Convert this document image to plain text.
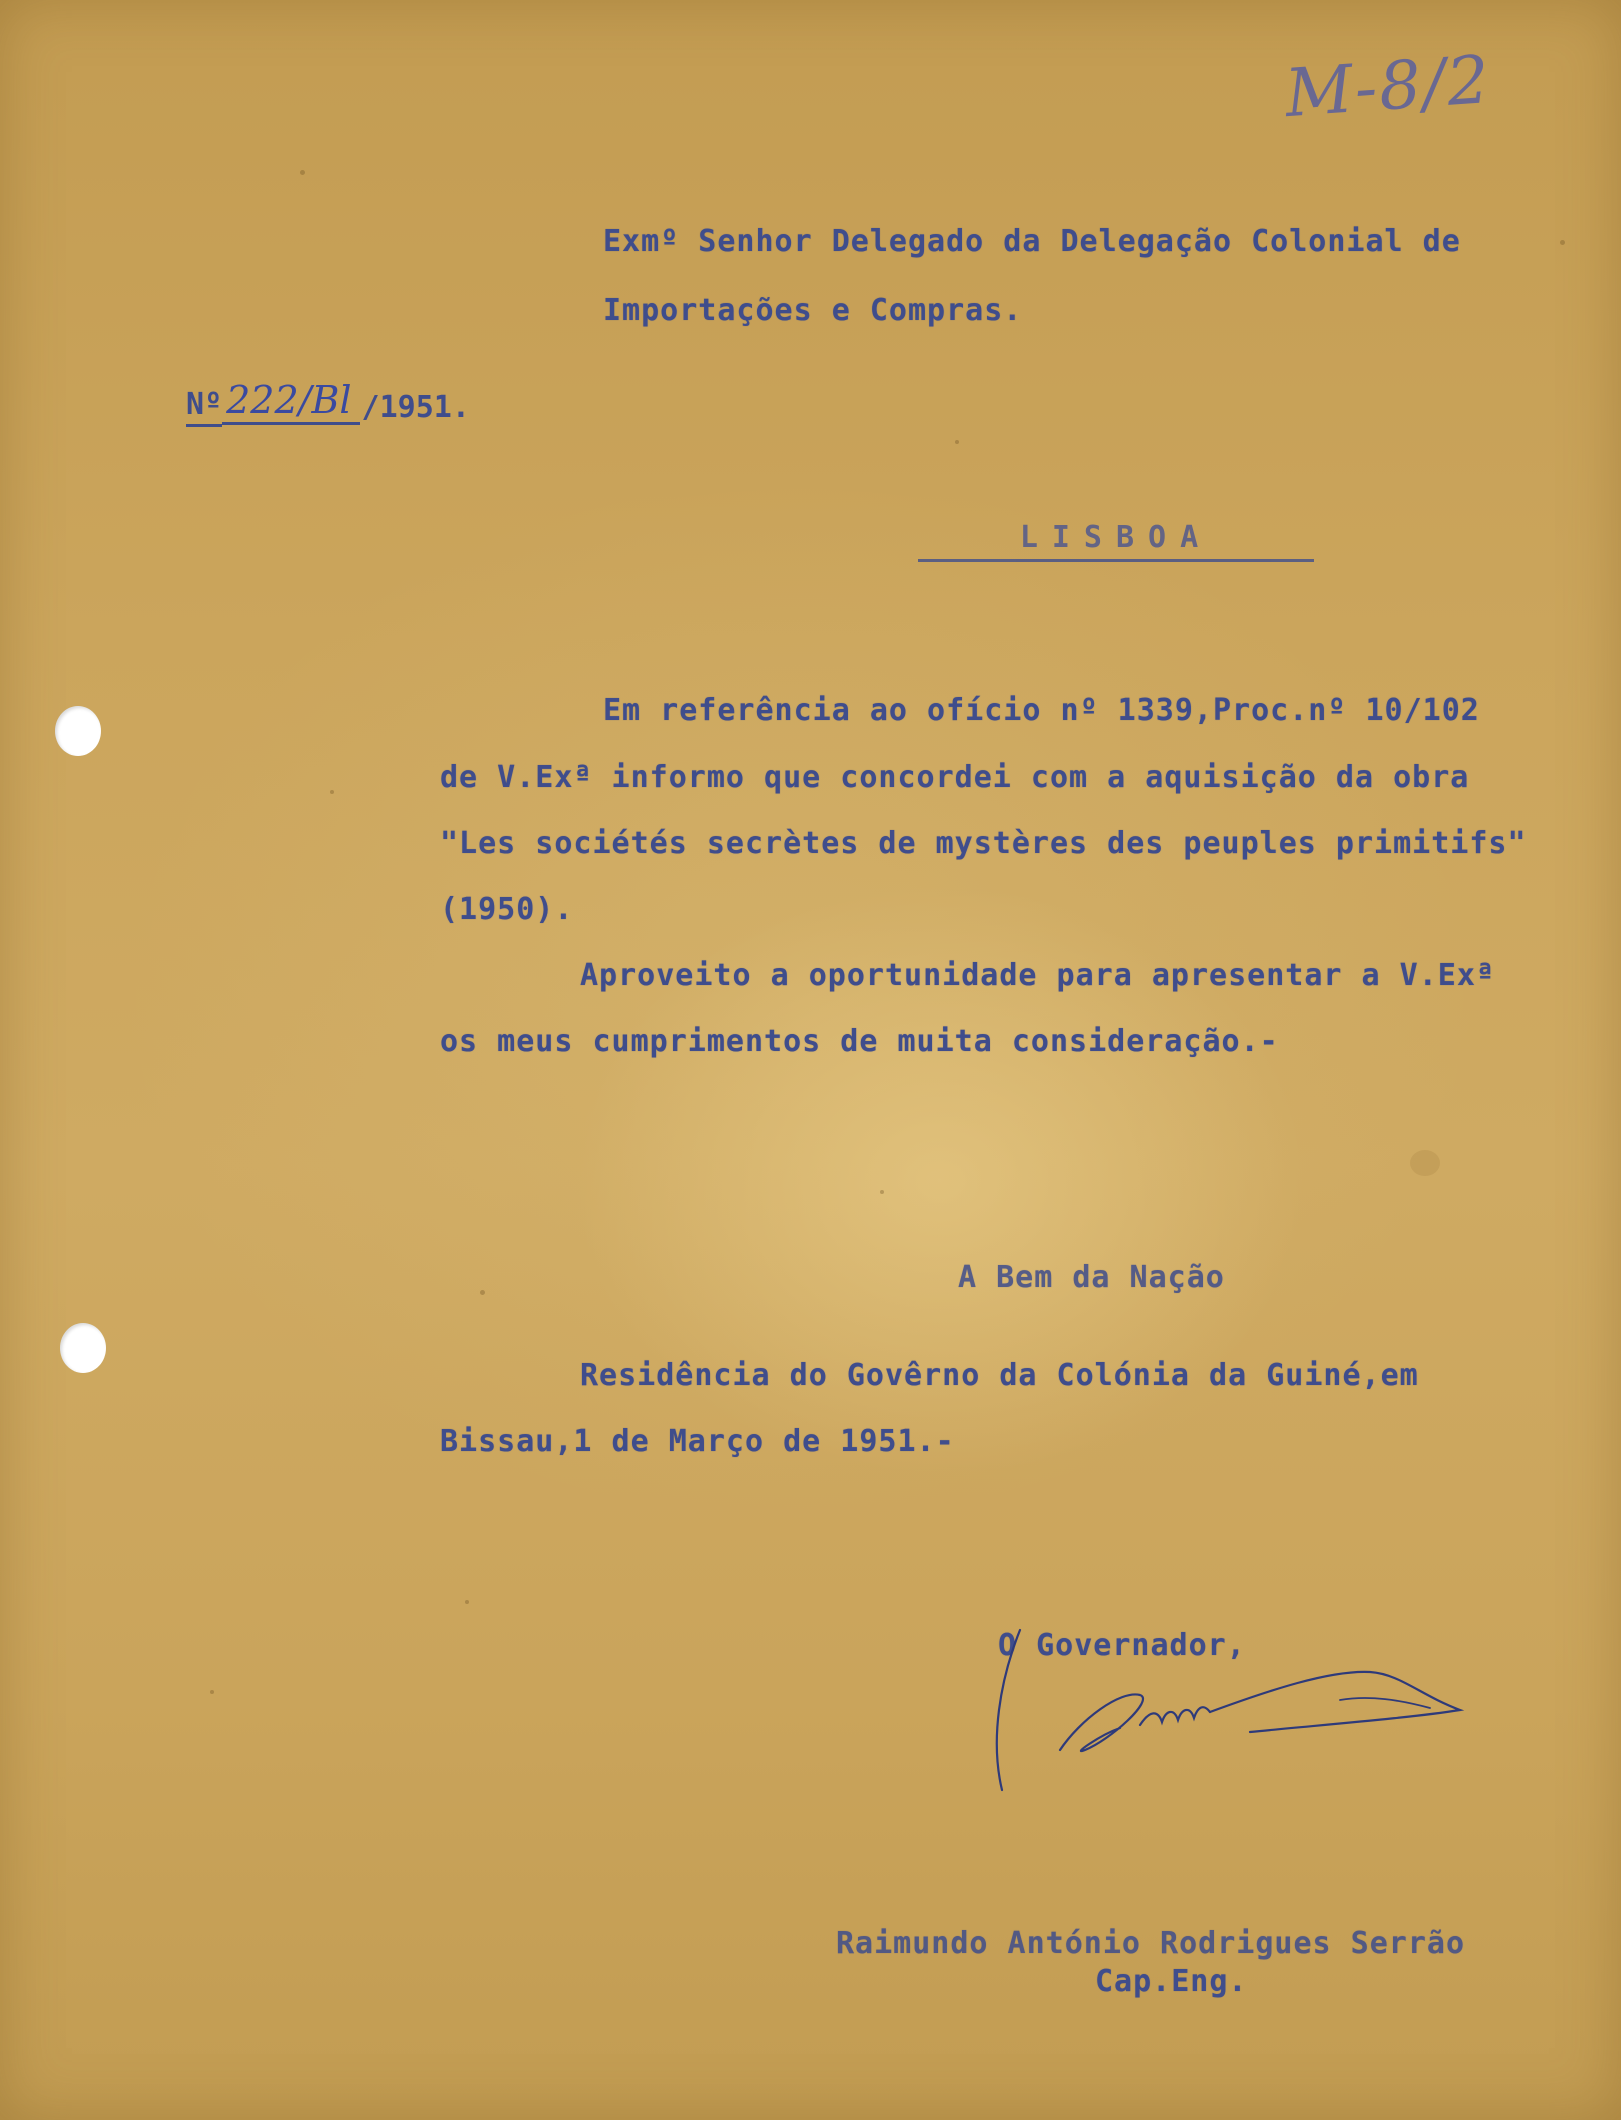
M-8/2
Exmº Senhor Delegado da Delegação Colonial de
Importações e Compras.
Nº 222/Bl /1951.
LISBOA
Em referência ao ofício nº 1339,Proc.nº 10/102
de V.Exª informo que concordei com a aquisição da obra
"Les sociétés secrètes de mystères des peuples primitifs"
(1950).
Aproveito a oportunidade para apresentar a V.Exª
os meus cumprimentos de muita consideração.-
A Bem da Nação
Residência do Govêrno da Colónia da Guiné,em
Bissau,1 de Março de 1951.-
O Governador,
Raimundo António Rodrigues Serrão
Cap.Eng.
